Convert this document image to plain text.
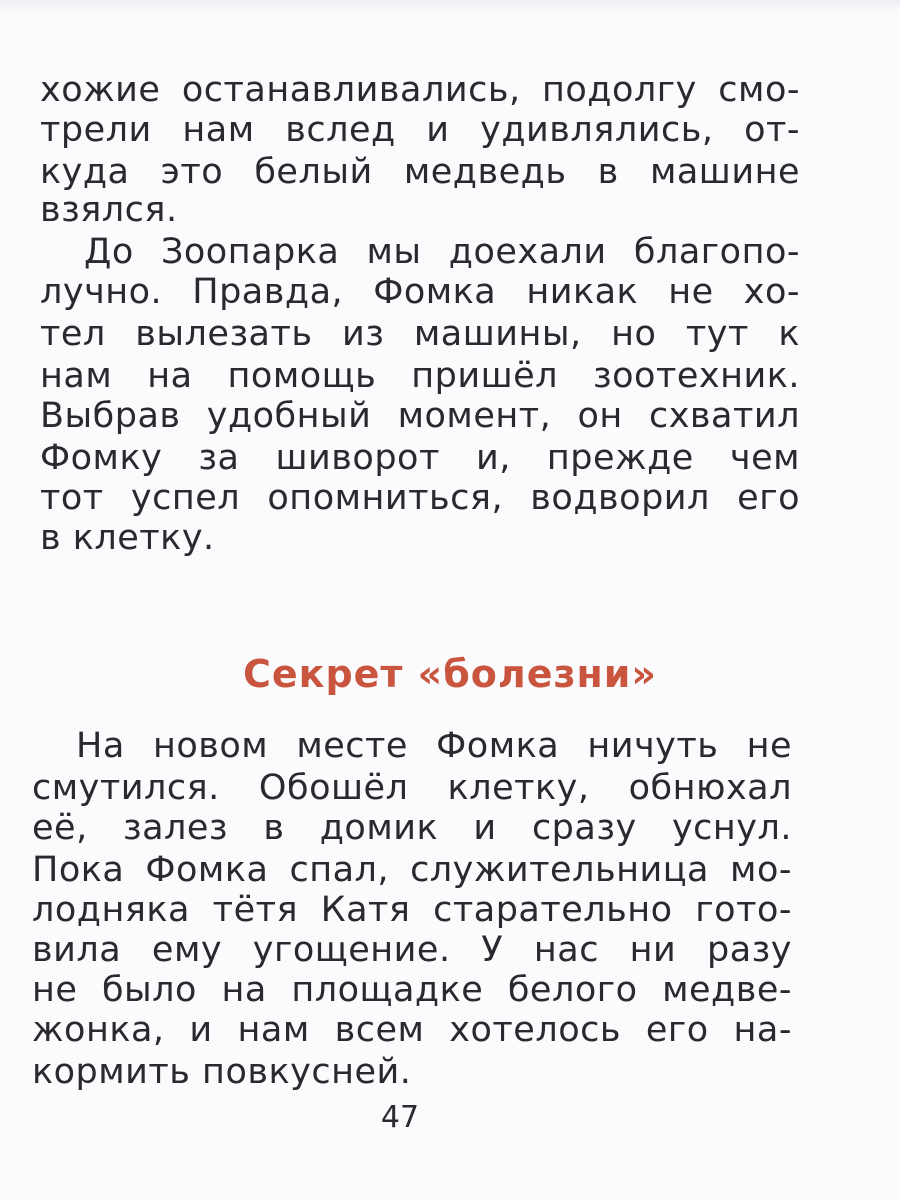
хожие останавливались, подолгу смо-
трели нам вслед и удивлялись, от-
куда это белый медведь в машине
взялся.
До Зоопарка мы доехали благопо-
лучно. Правда, Фомка никак не хо-
тел вылезать из машины, но тут к
нам на помощь пришёл зоотехник.
Выбрав удобный момент, он схватил
Фомку за шиворот и, прежде чем
тот успел опомниться, водворил его
в клетку.
Секрет «болезни»
На новом месте Фомка ничуть не
смутился. Обошёл клетку, обнюхал
её, залез в домик и сразу уснул.
Пока Фомка спал, служительница мо-
лодняка тётя Катя старательно гото-
вила ему угощение. У нас ни разу
не было на площадке белого медве-
жонка, и нам всем хотелось его на-
кормить повкусней.
47
